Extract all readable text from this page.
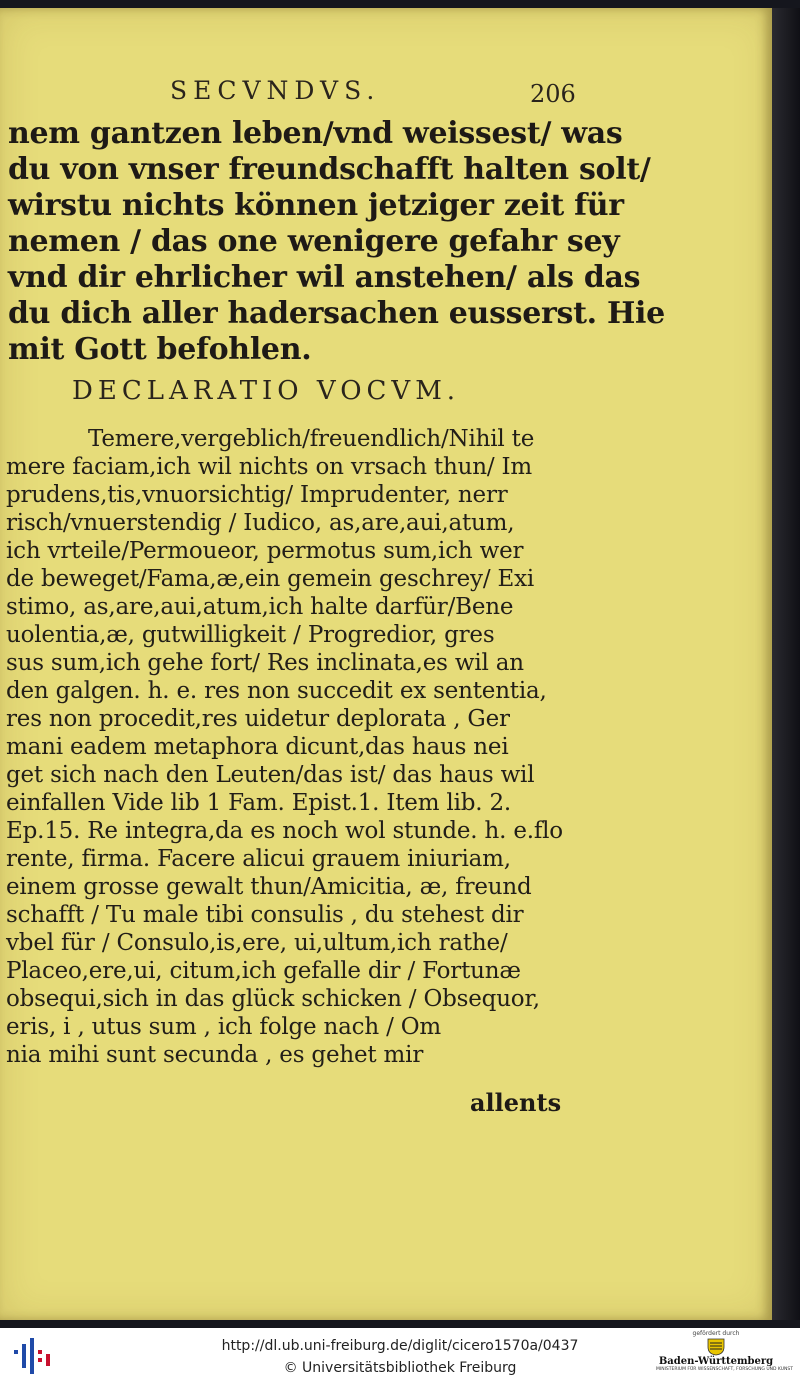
SECVNDVS.	206
nem gantzen leben/vnd weissest/ was
du von vnser freundschafft halten solt/
wirstu nichts können jetziger zeit für
nemen / das one wenigere gefahr sey
vnd dir ehrlicher wil anstehen/ als das
du dich aller hadersachen eusserst. Hie
mit Gott befohlen.
DECLARATIO VOCVM.
Temere,vergeblich/freuendlich/Nihil te
mere faciam,ich wil nichts on vrsach thun/ Im
prudens,tis,vnuorsichtig/ Imprudenter, nerr
risch/vnuerstendig / Iudico, as,are,aui,atum,
ich vrteile/Permoueor, permotus sum,ich wer
de beweget/Fama,æ,ein gemein geschrey/ Exi
stimo, as,are,aui,atum,ich halte darfür/Bene
uolentia,æ, gutwilligkeit / Progredior, gres
sus sum,ich gehe fort/ Res inclinata,es wil an
den galgen. h. e. res non succedit ex sententia,
res non procedit,res uidetur deplorata , Ger
mani eadem metaphora dicunt,das haus nei
get sich nach den Leuten/das ist/ das haus wil
einfallen Vide lib 1 Fam. Epist.1. Item lib. 2.
Ep.15. Re integra,da es noch wol stunde. h. e.flo
rente, firma. Facere alicui grauem iniuriam,
einem grosse gewalt thun/Amicitia, æ, freund
schafft / Tu male tibi consulis , du stehest dir
vbel für / Consulo,is,ere, ui,ultum,ich rathe/
Placeo,ere,ui, citum,ich gefalle dir / Fortunæ
obsequi,sich in das glück schicken / Obsequor,
eris, i , utus sum , ich folge nach / Om
nia mihi sunt secunda , es gehet mir
allents
http://dl.ub.uni-freiburg.de/diglit/cicero1570a/0437
© Universitätsbibliothek Freiburg
gefördert durch
Baden-Württemberg
MINISTERIUM FÜR WISSENSCHAFT, FORSCHUNG UND KUNST
